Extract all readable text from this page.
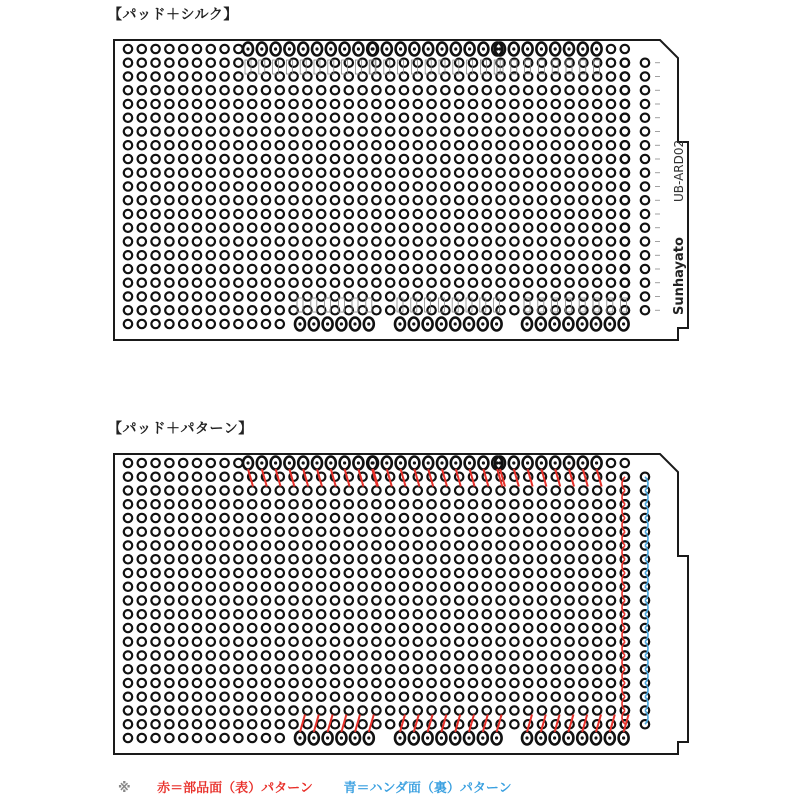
【パッド＋シルク】
Sunhayato
UB-ARD02
【パッド＋パターン】
※ 赤＝部品面（表）パターン 青＝ハンダ面（裏）パターン
